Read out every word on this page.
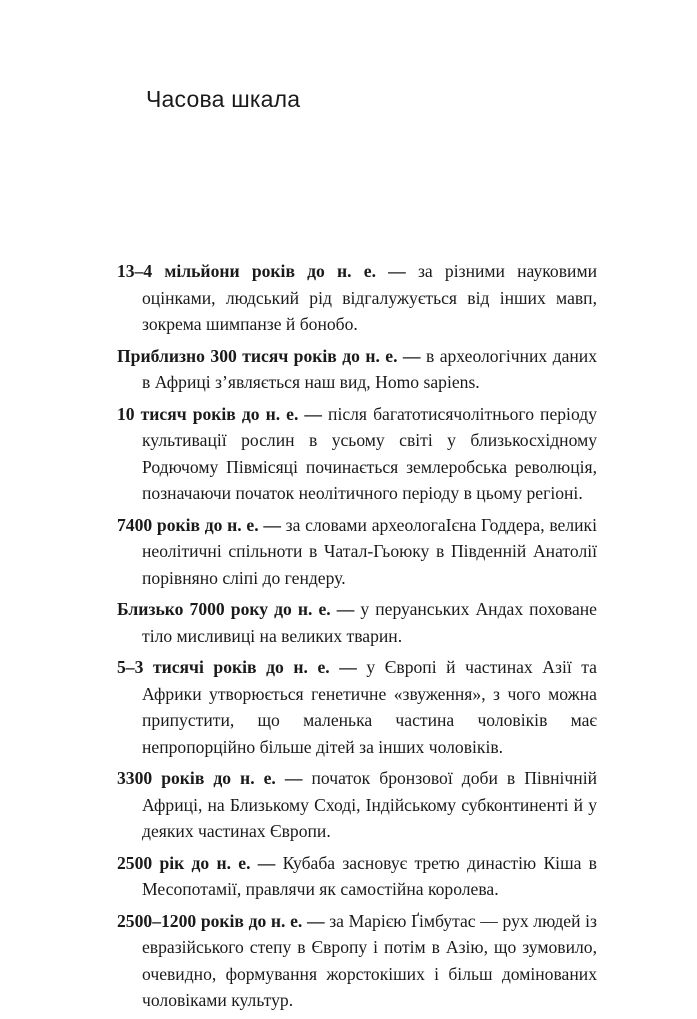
Часова шкала

13–4 мільйони років до н. е. — за різними науковими оцінками, людський рід відгалужується від інших мавп, зокрема шимпанзе й бонобо.

Приблизно 300 тисяч років до н. е. — в археологічних даних в Африці з’являється наш вид, Homo sapiens.

10 тисяч років до н. е. — після багатотисячолітнього періоду культивації рослин в усьому світі у близькосхідному Родючому Півмісяці починається землеробська революція, позначаючи початок неолітичного періоду в цьому регіоні.

7400 років до н. е. — за словами археологаІєна Годдера, великі неолітичні спільноти в Чатал-Гьоюку в Південній Анатолії порівняно сліпі до гендеру.

Близько 7000 року до н. е. — у перуанських Андах поховане тіло мисливиці на великих тварин.

5–3 тисячі років до н. е. — у Європі й частинах Азії та Африки утворюється генетичне «звуження», з чого можна припустити, що маленька частина чоловіків має непропорційно більше дітей за інших чоловіків.

3300 років до н. е. — початок бронзової доби в Північній Африці, на Близькому Сході, Індійському субконтиненті й у деяких частинах Європи.

2500 рік до н. е. — Кубаба засновує третю династію Кіша в Месопотамії, правлячи як самостійна королева.

2500–1200 років до н. е. — за Марією Ґімбутас — рух людей із евразійського степу в Європу і потім в Азію, що зумовило, очевидно, формування жорстокіших і більш домінованих чоловіками культур.
